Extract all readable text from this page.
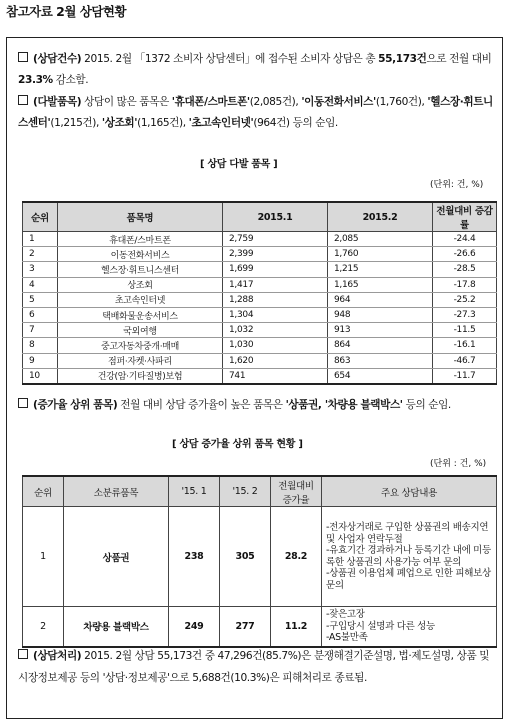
참고자료 2월 상담현황
(상담건수) 2015. 2월 「1372 소비자 상담센터」에 접수된 소비자 상담은 총 55,173건으로 전월 대비 23.3% 감소함.
(다발품목) 상담이 많은 품목은 '휴대폰/스마트폰'(2,085건), '이동전화서비스'(1,760건), '헬스장·휘트니스센터'(1,215건), '상조회'(1,165건), '초고속인터넷'(964건) 등의 순임.
[ 상담 다발 품목 ]
(단위: 건, %)
순위	품목명	2015.1	2015.2	전월대비 증감률
1	휴대폰/스마트폰	2,759	2,085	-24.4
2	이동전화서비스	2,399	1,760	-26.6
3	헬스장·휘트니스센터	1,699	1,215	-28.5
4	상조회	1,417	1,165	-17.8
5	초고속인터넷	1,288	964	-25.2
6	택배화물운송서비스	1,304	948	-27.3
7	국외여행	1,032	913	-11.5
8	중고자동차중개·매매	1,030	864	-16.1
9	점퍼·자켓·사파리	1,620	863	-46.7
10	건강(암·기타질병)보험	741	654	-11.7
(증가율 상위 품목) 전월 대비 상담 증가율이 높은 품목은 '상품권, '차량용 블랙박스' 등의 순임.
[ 상담 증가율 상위 품목 현황 ]
(단위 : 건, %)
순위	소분류품목	'15. 1	'15. 2	전월대비 증가율	주요 상담내용
1	상품권	238	305	28.2	-전자상거래로 구입한 상품권의 배송지연 및 사업자 연락두절
-유효기간 경과하거나 등록기간 내에 미등록한 상품권의 사용가능 여부 문의
-상품권 이용업체 폐업으로 인한 피해보상 문의

2	차량용 블랙박스	249	277	11.2	-잦은고장
-구입당시 설명과 다른 성능
-AS불만족
(상담처리) 2015. 2월 상담 55,173건 중 47,296건(85.7%)은 분쟁해결기준설명, 법·제도설명, 상품 및 시장정보제공 등의 '상담·정보제공'으로 5,688건(10.3%)은 피해처리로 종료됨.
